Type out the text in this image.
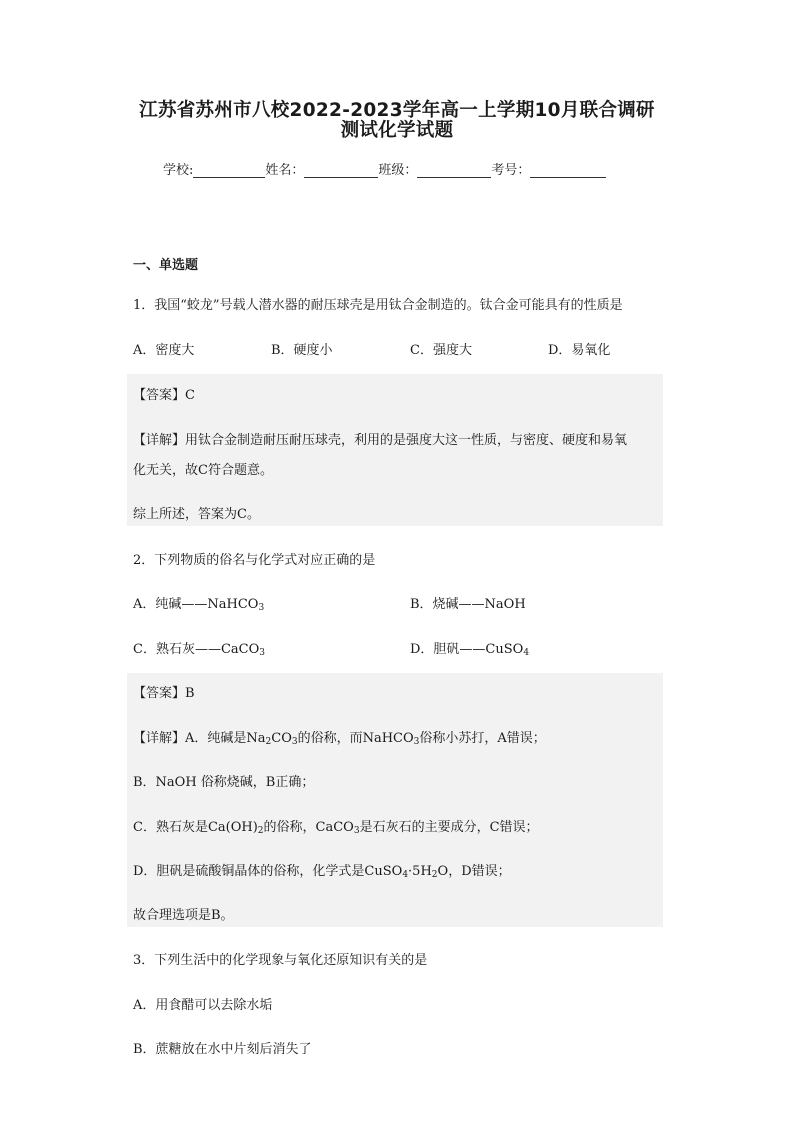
江苏省苏州市八校2022-2023学年高一上学期10月联合调研
测试化学试题
学校:	姓名：	班级：	考号：
一、单选题
1．我国“蛟龙”号载人潜水器的耐压球壳是用钛合金制造的。钛合金可能具有的性质是
A．密度大	B．硬度小	C．强度大	D．易氧化
【答案】C
【详解】用钛合金制造耐压耐压球壳，利用的是强度大这一性质，与密度、硬度和易氧
化无关，故C符合题意。
综上所述，答案为C。
2．下列物质的俗名与化学式对应正确的是
A．纯碱——NaHCO$_3$	B．烧碱——NaOH
C．熟石灰——CaCO$_3$	D．胆矾——CuSO$_4$
【答案】B
【详解】A．纯碱是$Na_2CO_3$的俗称，而NaHCO$_3$俗称小苏打，A错误；
B．NaOH 俗称烧碱，B正确；
C．熟石灰是$Ca(OH)_2$的俗称，CaCO$_3$是石灰石的主要成分，C错误；
D．胆矾是硫酸铜晶体的俗称，化学式是$CuSO_4\cdot 5H_2O$，D错误；
故合理选项是B。
3．下列生活中的化学现象与氧化还原知识有关的是
A．用食醋可以去除水垢
B．蔗糖放在水中片刻后消失了
